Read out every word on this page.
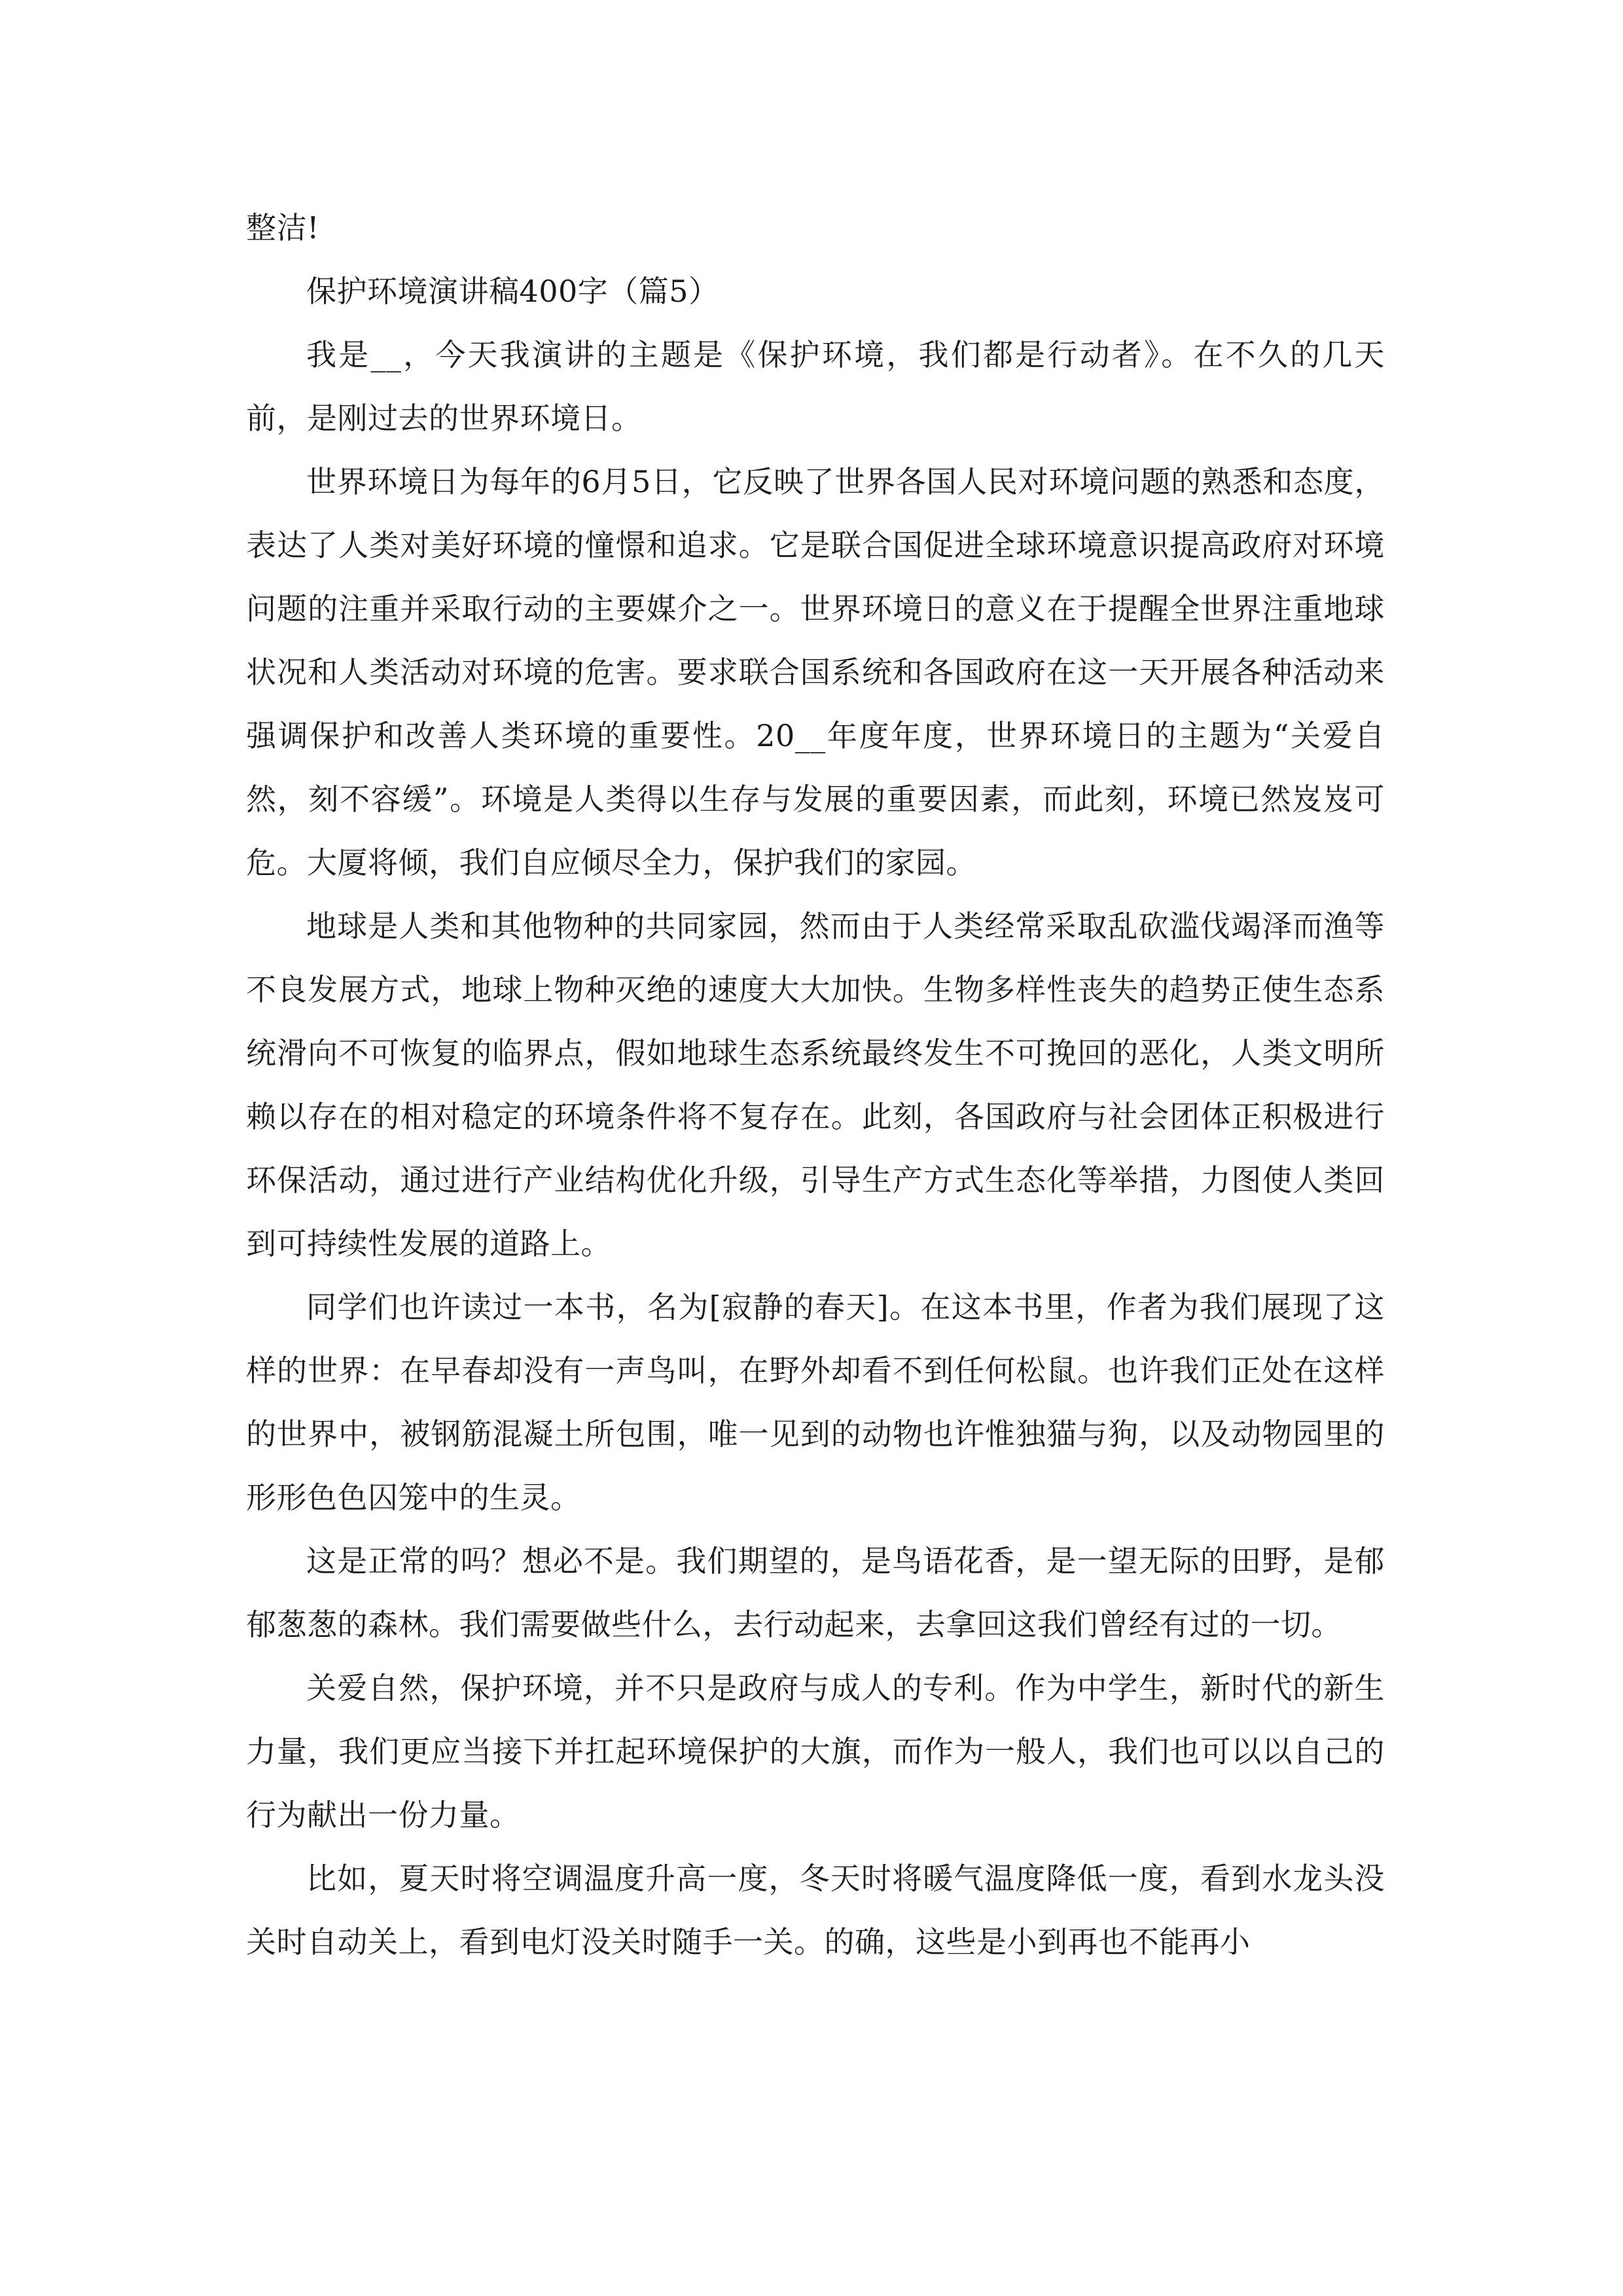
整洁!

保护环境演讲稿400字（篇5）

我是__，今天我演讲的主题是《保护环境，我们都是行动者》。在不久的几天前，是刚过去的世界环境日。

世界环境日为每年的6月5日，它反映了世界各国人民对环境问题的熟悉和态度，表达了人类对美好环境的憧憬和追求。它是联合国促进全球环境意识提高政府对环境问题的注重并采取行动的主要媒介之一。世界环境日的意义在于提醒全世界注重地球状况和人类活动对环境的危害。要求联合国系统和各国政府在这一天开展各种活动来强调保护和改善人类环境的重要性。20__年度年度，世界环境日的主题为“关爱自然，刻不容缓”。环境是人类得以生存与发展的重要因素，而此刻，环境已然岌岌可危。大厦将倾，我们自应倾尽全力，保护我们的家园。

地球是人类和其他物种的共同家园，然而由于人类经常采取乱砍滥伐竭泽而渔等不良发展方式，地球上物种灭绝的速度大大加快。生物多样性丧失的趋势正使生态系统滑向不可恢复的临界点，假如地球生态系统最终发生不可挽回的恶化，人类文明所赖以存在的相对稳定的环境条件将不复存在。此刻，各国政府与社会团体正积极进行环保活动，通过进行产业结构优化升级，引导生产方式生态化等举措，力图使人类回到可持续性发展的道路上。

同学们也许读过一本书，名为[寂静的春天]。在这本书里，作者为我们展现了这样的世界：在早春却没有一声鸟叫，在野外却看不到任何松鼠。也许我们正处在这样的世界中，被钢筋混凝土所包围，唯一见到的动物也许惟独猫与狗，以及动物园里的形形色色囚笼中的生灵。

这是正常的吗？想必不是。我们期望的，是鸟语花香，是一望无际的田野，是郁郁葱葱的森林。我们需要做些什么，去行动起来，去拿回这我们曾经有过的一切。

关爱自然，保护环境，并不只是政府与成人的专利。作为中学生，新时代的新生力量，我们更应当接下并扛起环境保护的大旗，而作为一般人，我们也可以以自己的行为献出一份力量。

比如，夏天时将空调温度升高一度，冬天时将暖气温度降低一度，看到水龙头没关时自动关上，看到电灯没关时随手一关。的确，这些是小到再也不能再小
